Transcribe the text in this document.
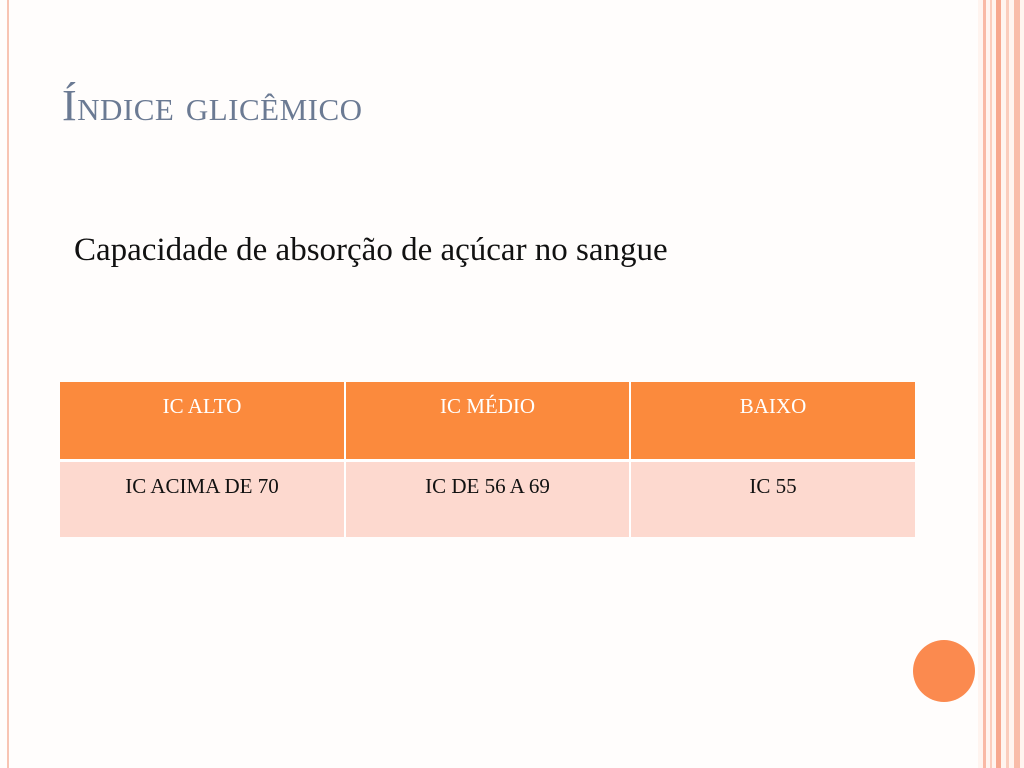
Índice glicêmico

Capacidade de absorção de açúcar no sangue

IC ALTO	IC MÉDIO	BAIXO
IC ACIMA DE 70	IC DE 56 A 69	IC 55
